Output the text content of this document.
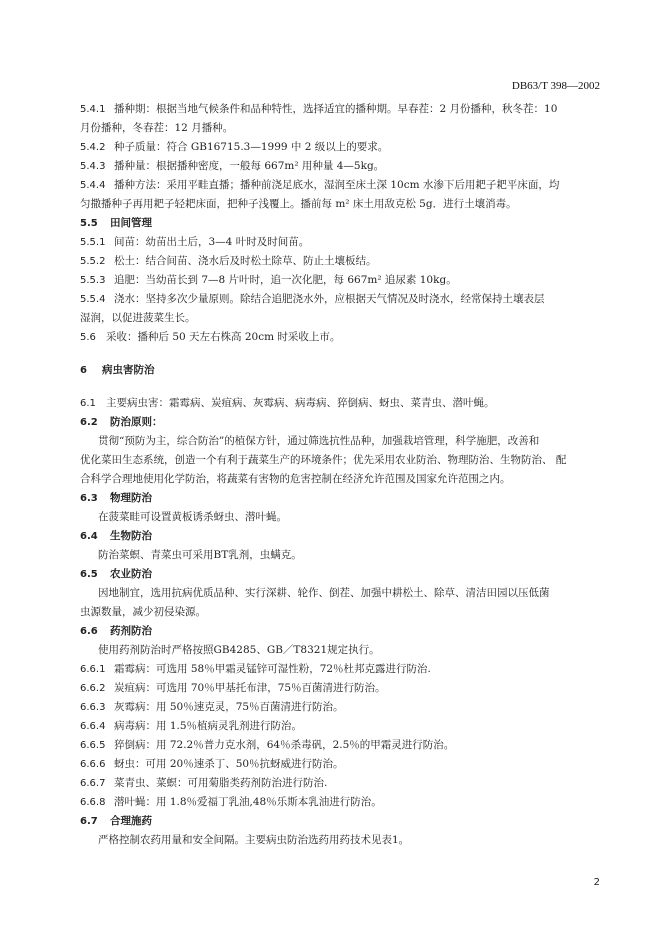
DB63/T 398—2002
5.4.1 播种期：根据当地气候条件和品种特性，选择适宜的播种期。早春茬：2 月份播种，秋冬茬：10
月份播种，冬春茬：12 月播种。
5.4.2 种子质量：符合 GB16715.3—1999 中 2 级以上的要求。
5.4.3 播种量：根据播种密度，一般每 667m² 用种量 4—5kg。
5.4.4 播种方法：采用平畦直播；播种前浇足底水，湿润至床土深 10cm 水渗下后用耙子耙平床面，均
匀撒播种子再用耙子轻耙床面，把种子浅覆上。播前每 m² 床土用敌克松 5g．进行土壤消毒。
5.5	田间管理
5.5.1 间苗：幼苗出土后，3—4 叶时及时间苗。
5.5.2 松土：结合间苗、浇水后及时松土除草、防止土壤板结。
5.5.3 追肥：当幼苗长到 7—8 片叶时，追一次化肥，每 667m² 追尿素 10kg。
5.5.4 浇水：坚持多次少量原则。除结合追肥浇水外，应根据天气情况及时浇水，经常保持土壤表层
湿润，以促进菠菜生长。
5.6 采收：播种后 50 天左右株高 20cm 时采收上市。
6	病虫害防治
6.1 主要病虫害：霜霉病、炭疽病、灰霉病、病毒病、猝倒病、蚜虫、菜青虫、潜叶蝇。
6.2	防治原则：
贯彻“预防为主，综合防治”的植保方针，通过筛选抗性品种，加强栽培管理，科学施肥，改善和
优化菜田生态系统，创造一个有利于蔬菜生产的环境条件；优先采用农业防治、物理防治、生物防治、 配
合科学合理地使用化学防治，将蔬菜有害物的危害控制在经济允许范围及国家允许范围之内。
6.3	物理防治
在菠菜畦可设置黄板诱杀蚜虫、潜叶蝇。
6.4	生物防治
防治菜螟、青菜虫可采用BT乳剂，虫螨克。
6.5	农业防治
因地制宜，选用抗病优质品种、实行深耕、轮作、倒茬、加强中耕松土、除草、清洁田园以压低菌
虫源数量，减少初侵染源。
6.6	药剂防治
使用药剂防治时严格按照GB4285、GB／T8321规定执行。
6.6.1 霜霉病：可选用 58％甲霜灵锰锌可湿性粉，72％杜邦克露进行防治.
6.6.2 炭疽病：可选用 70％甲基托布津，75％百菌清进行防治。
6.6.3 灰霉病：用 50％速克灵，75％百菌清进行防治。
6.6.4 病毒病：用 1.5％植病灵乳剂进行防治。
6.6.5 猝倒病：用 72.2％普力克水剂，64％杀毒矾，2.5％的甲霜灵进行防治。
6.6.6 蚜虫：可用 20％速杀丁、50％抗蚜威进行防治。
6.6.7 菜青虫、菜螟：可用菊脂类药剂防治进行防治.
6.6.8 潜叶蝇：用 1.8％爱福丁乳油,48％乐斯本乳油进行防治。
6.7	合理施药
严格控制农药用量和安全间隔。主要病虫防治选药用药技术见表1。
2
